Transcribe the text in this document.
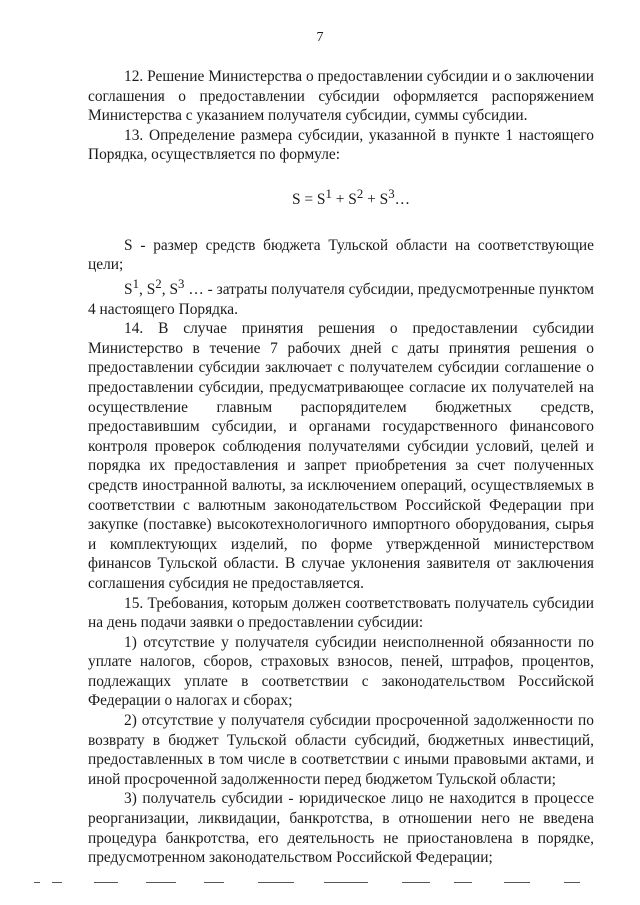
7

12. Решение Министерства о предоставлении субсидии и о заключении соглашения о предоставлении субсидии оформляется распоряжением Министерства с указанием получателя субсидии, суммы субсидии.

13. Определение размера субсидии, указанной в пункте 1 настоящего Порядка, осуществляется по формуле:

$S = S^1 + S^2$ + $S^3\dots$

S - размер средств бюджета Тульской области на соответствующие цели;

$S^1$, $S^2$, $S^3$ … - затраты получателя субсидии, предусмотренные пунктом 4 настоящего Порядка.

14. В случае принятия решения о предоставлении субсидии Министерство в течение 7 рабочих дней с даты принятия решения о предоставлении субсидии заключает с получателем субсидии соглашение о предоставлении субсидии, предусматривающее согласие их получателей на осуществление главным распорядителем бюджетных средств, предоставившим субсидии, и органами государственного финансового контроля проверок соблюдения получателями субсидии условий, целей и порядка их предоставления и запрет приобретения за счет полученных средств иностранной валюты, за исключением операций, осуществляемых в соответствии с валютным законодательством Российской Федерации при закупке (поставке) высокотехнологичного импортного оборудования, сырья и комплектующих изделий, по форме утвержденной министерством финансов Тульской области. В случае уклонения заявителя от заключения соглашения субсидия не предоставляется.

15. Требования, которым должен соответствовать получатель субсидии на день подачи заявки о предоставлении субсидии:

1) отсутствие у получателя субсидии неисполненной обязанности по уплате налогов, сборов, страховых взносов, пеней, штрафов, процентов, подлежащих уплате в соответствии с законодательством Российской Федерации о налогах и сборах;

2) отсутствие у получателя субсидии просроченной задолженности по возврату в бюджет Тульской области субсидий, бюджетных инвестиций, предоставленных в том числе в соответствии с иными правовыми актами, и иной просроченной задолженности перед бюджетом Тульской области;

3) получатель субсидии - юридическое лицо не находится в процессе реорганизации, ликвидации, банкротства, в отношении него не введена процедура банкротства, его деятельность не приостановлена в порядке, предусмотренном законодательством Российской Федерации;
